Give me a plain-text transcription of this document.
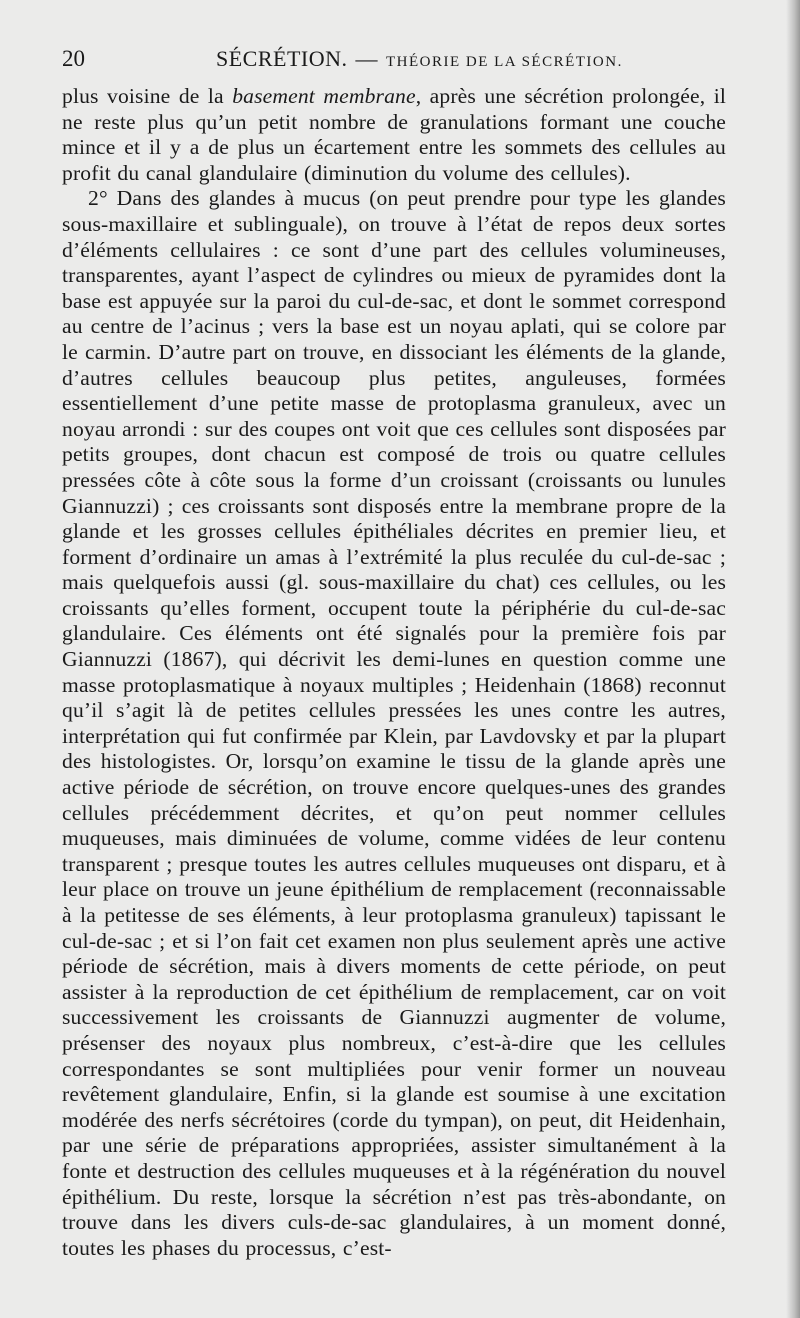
20	SÉCRÉTION. — THÉORIE DE LA SÉCRÉTION.

plus voisine de la basement membrane, après une sécrétion prolongée, il ne reste plus qu’un petit nombre de granulations formant une couche mince et il y a de plus un écartement entre les sommets des cellules au profit du canal glandulaire (diminution du volume des cellules).

2° Dans des glandes à mucus (on peut prendre pour type les glandes sous-maxillaire et sublinguale), on trouve à l’état de repos deux sortes d’éléments cellulaires : ce sont d’une part des cellules volumineuses, transparentes, ayant l’aspect de cylindres ou mieux de pyramides dont la base est appuyée sur la paroi du cul-de-sac, et dont le sommet correspond au centre de l’acinus ; vers la base est un noyau aplati, qui se colore par le carmin. D’autre part on trouve, en dissociant les éléments de la glande, d’autres cellules beaucoup plus petites, anguleuses, formées essentiellement d’une petite masse de protoplasma granuleux, avec un noyau arrondi : sur des coupes ont voit que ces cellules sont disposées par petits groupes, dont chacun est composé de trois ou quatre cellules pressées côte à côte sous la forme d’un croissant (croissants ou lunules Giannuzzi) ; ces croissants sont disposés entre la membrane propre de la glande et les grosses cellules épithéliales décrites en premier lieu, et forment d’ordinaire un amas à l’extrémité la plus reculée du cul-de-sac ; mais quelquefois aussi (gl. sous-maxillaire du chat) ces cellules, ou les croissants qu’elles forment, occupent toute la périphérie du cul-de-sac glandulaire. Ces éléments ont été signalés pour la première fois par Giannuzzi (1867), qui décrivit les demi-lunes en question comme une masse protoplasmatique à noyaux multiples ; Heidenhain (1868) reconnut qu’il s’agit là de petites cellules pressées les unes contre les autres, interprétation qui fut confirmée par Klein, par Lavdovsky et par la plupart des histologistes. Or, lorsqu’on examine le tissu de la glande après une active période de sécrétion, on trouve encore quelques-unes des grandes cellules précédemment décrites, et qu’on peut nommer cellules muqueuses, mais diminuées de volume, comme vidées de leur contenu transparent ; presque toutes les autres cellules muqueuses ont disparu, et à leur place on trouve un jeune épithélium de remplacement (reconnaissable à la petitesse de ses éléments, à leur protoplasma granuleux) tapissant le cul-de-sac ; et si l’on fait cet examen non plus seulement après une active période de sécrétion, mais à divers moments de cette période, on peut assister à la reproduction de cet épithélium de remplacement, car on voit successivement les croissants de Giannuzzi augmenter de volume, présenser des noyaux plus nombreux, c’est-à-dire que les cellules correspondantes se sont multipliées pour venir former un nouveau revêtement glandulaire, Enfin, si la glande est soumise à une excitation modérée des nerfs sécrétoires (corde du tympan), on peut, dit Heidenhain, par une série de préparations appropriées, assister simultanément à la fonte et destruction des cellules muqueuses et à la régénération du nouvel épithélium. Du reste, lorsque la sécrétion n’est pas très-abondante, on trouve dans les divers culs-de-sac glandulaires, à un moment donné, toutes les phases du processus, c’est-
